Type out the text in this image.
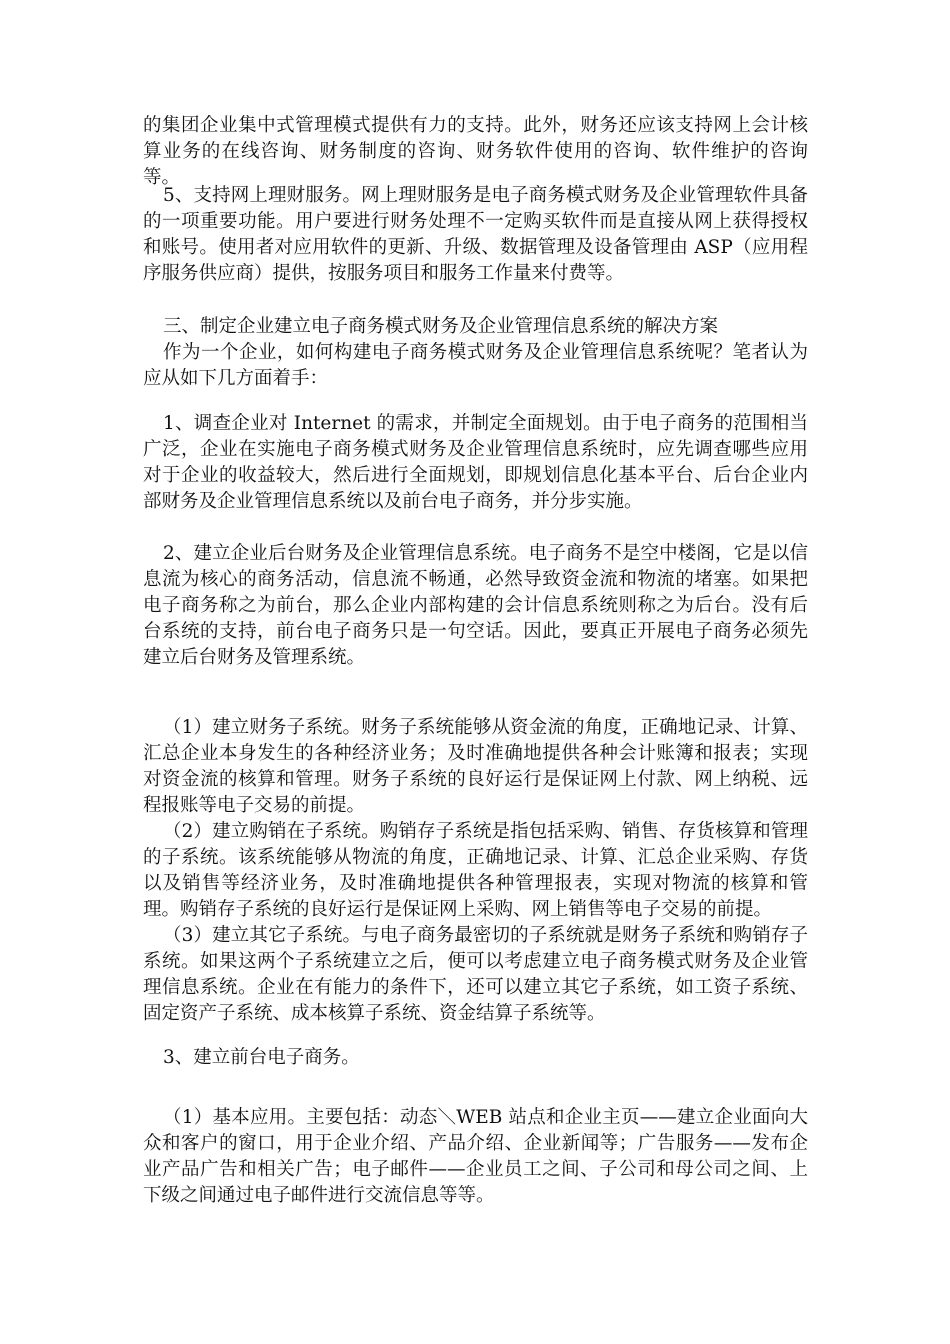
的集团企业集中式管理模式提供有力的支持。此外，财务还应该支持网上会计核算业务的在线咨询、财务制度的咨询、财务软件使用的咨询、软件维护的咨询等。

5、支持网上理财服务。网上理财服务是电子商务模式财务及企业管理软件具备的一项重要功能。用户要进行财务处理不一定购买软件而是直接从网上获得授权和账号。使用者对应用软件的更新、升级、数据管理及设备管理由 ASP（应用程序服务供应商）提供，按服务项目和服务工作量来付费等。

三、制定企业建立电子商务模式财务及企业管理信息系统的解决方案

作为一个企业，如何构建电子商务模式财务及企业管理信息系统呢？笔者认为应从如下几方面着手：

1、调查企业对 Internet 的需求，并制定全面规划。由于电子商务的范围相当广泛，企业在实施电子商务模式财务及企业管理信息系统时，应先调查哪些应用对于企业的收益较大，然后进行全面规划，即规划信息化基本平台、后台企业内部财务及企业管理信息系统以及前台电子商务，并分步实施。

2、建立企业后台财务及企业管理信息系统。电子商务不是空中楼阁，它是以信息流为核心的商务活动，信息流不畅通，必然导致资金流和物流的堵塞。如果把电子商务称之为前台，那么企业内部构建的会计信息系统则称之为后台。没有后台系统的支持，前台电子商务只是一句空话。因此，要真正开展电子商务必须先建立后台财务及管理系统。

（1）建立财务子系统。财务子系统能够从资金流的角度，正确地记录、计算、汇总企业本身发生的各种经济业务；及时准确地提供各种会计账簿和报表；实现对资金流的核算和管理。财务子系统的良好运行是保证网上付款、网上纳税、远程报账等电子交易的前提。

（2）建立购销在子系统。购销存子系统是指包括采购、销售、存货核算和管理的子系统。该系统能够从物流的角度，正确地记录、计算、汇总企业采购、存货以及销售等经济业务，及时准确地提供各种管理报表，实现对物流的核算和管理。购销存子系统的良好运行是保证网上采购、网上销售等电子交易的前提。

（3）建立其它子系统。与电子商务最密切的子系统就是财务子系统和购销存子系统。如果这两个子系统建立之后，便可以考虑建立电子商务模式财务及企业管理信息系统。企业在有能力的条件下，还可以建立其它子系统，如工资子系统、固定资产子系统、成本核算子系统、资金结算子系统等。

3、建立前台电子商务。

（1）基本应用。主要包括：动态＼WEB 站点和企业主页——建立企业面向大众和客户的窗口，用于企业介绍、产品介绍、企业新闻等；广告服务——发布企业产品广告和相关广告；电子邮件——企业员工之间、子公司和母公司之间、上下级之间通过电子邮件进行交流信息等等。
